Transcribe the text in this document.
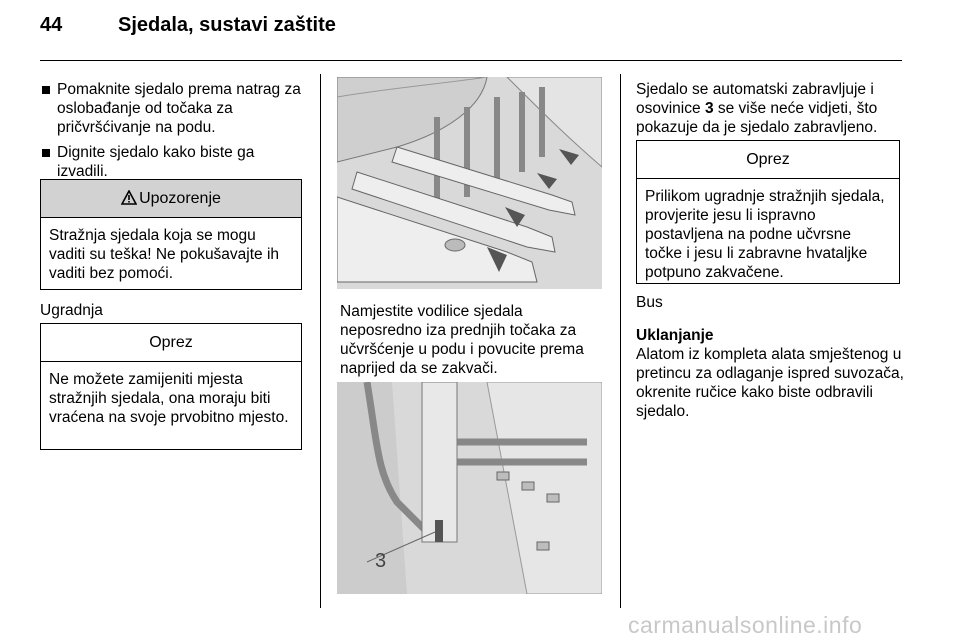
44	Sjedala, sustavi zaštite
Pomaknite sjedalo prema natrag za oslobađanje od točaka za pričvršćivanje na podu.
Dignite sjedalo kako biste ga izvadili.
Upozorenje
Stražnja sjedala koja se mogu vaditi su teška! Ne pokušavajte ih vaditi bez pomoći.
Ugradnja
Oprez
Ne možete zamijeniti mjesta stražnjih sjedala, ona moraju biti vraćena na svoje prvobitno mjesto.
Namjestite vodilice sjedala neposredno iza prednjih točaka za učvršćenje u podu i povucite prema naprijed da se zakvači.
3
Sjedalo se automatski zabravljuje i osovinice 3 se više neće vidjeti, što pokazuje da je sjedalo zabravljeno.
Oprez
Prilikom ugradnje stražnjih sjedala, provjerite jesu li ispravno postavljena na podne učvrsne točke i jesu li zabravne hvataljke potpuno zakvačene.
Bus
Uklanjanje
Alatom iz kompleta alata smještenog u pretincu za odlaganje ispred suvozača, okrenite ručice kako biste odbravili sjedalo.
carmanualsonline.info
